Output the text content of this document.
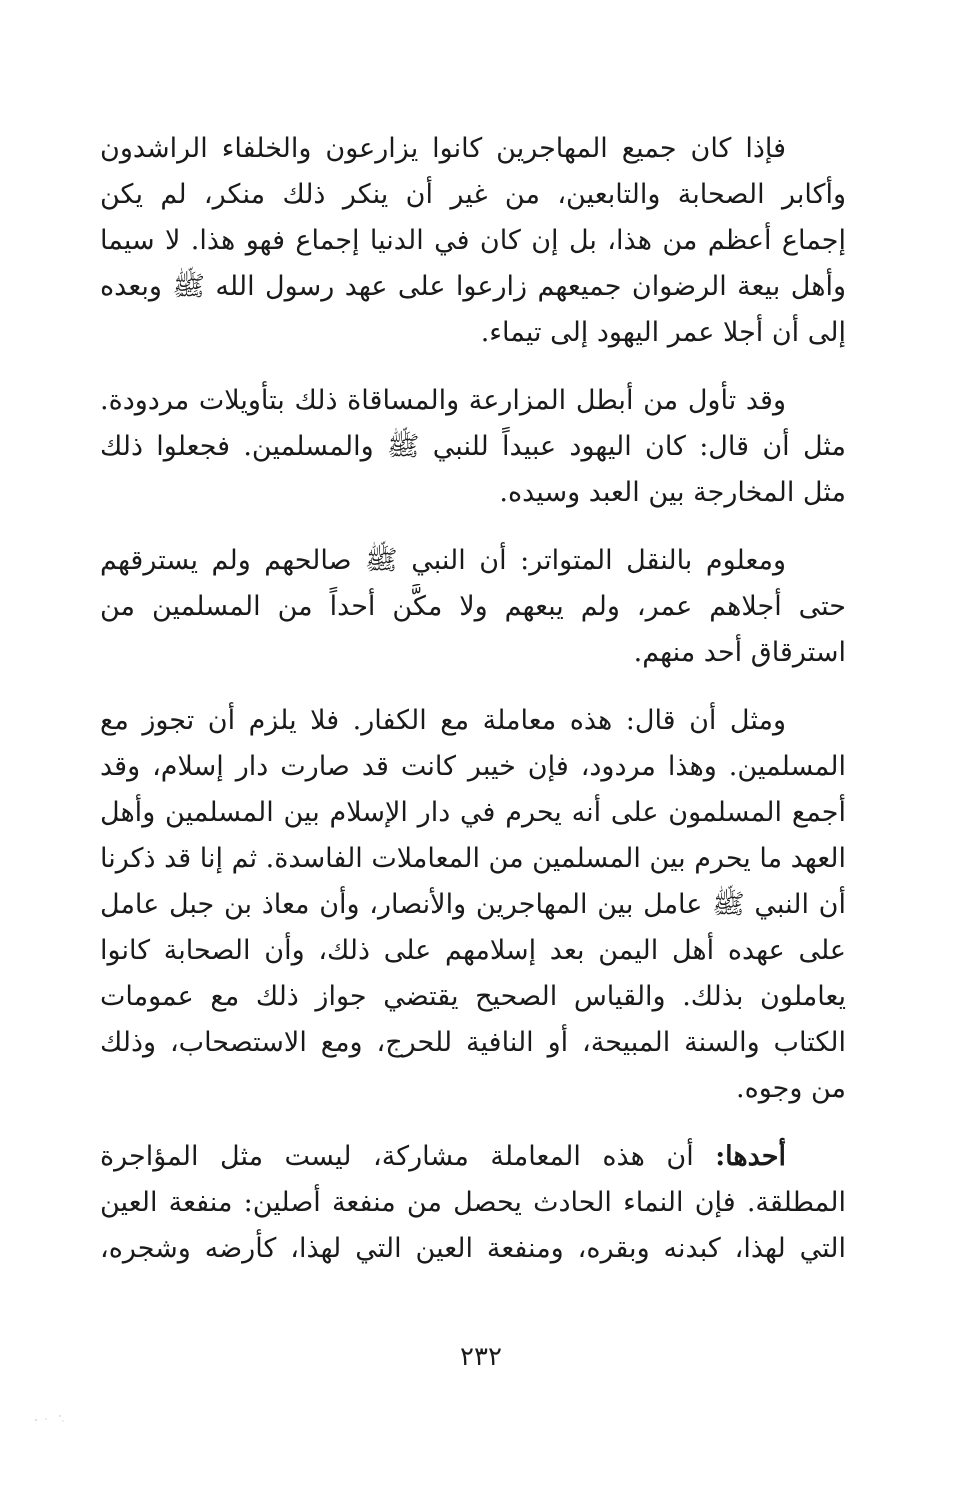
فإذا كان جميع المهاجرين كانوا يزارعون والخلفاء الراشدون
وأكابر الصحابة والتابعين، من غير أن ينكر ذلك منكر، لم يكن
إجماع أعظم من هذا، بل إن كان في الدنيا إجماع فهو هذا. لا سيما
وأهل بيعة الرضوان جميعهم زارعوا على عهد رسول الله ﷺ وبعده
إلى أن أجلا عمر اليهود إلى تيماء.
وقد تأول من أبطل المزارعة والمساقاة ذلك بتأويلات مردودة.
مثل أن قال: كان اليهود عبيداً للنبي ﷺ والمسلمين. فجعلوا ذلك
مثل المخارجة بين العبد وسيده.
ومعلوم بالنقل المتواتر: أن النبي ﷺ صالحهم ولم يسترقهم
حتى أجلاهم عمر، ولم يبعهم ولا مكَّن أحداً من المسلمين من
استرقاق أحد منهم.
ومثل أن قال: هذه معاملة مع الكفار. فلا يلزم أن تجوز مع
المسلمين. وهذا مردود، فإن خيبر كانت قد صارت دار إسلام، وقد
أجمع المسلمون على أنه يحرم في دار الإسلام بين المسلمين وأهل
العهد ما يحرم بين المسلمين من المعاملات الفاسدة. ثم إنا قد ذكرنا
أن النبي ﷺ عامل بين المهاجرين والأنصار، وأن معاذ بن جبل عامل
على عهده أهل اليمن بعد إسلامهم على ذلك، وأن الصحابة كانوا
يعاملون بذلك. والقياس الصحيح يقتضي جواز ذلك مع عمومات
الكتاب والسنة المبيحة، أو النافية للحرج، ومع الاستصحاب، وذلك
من وجوه.
أحدها: أن هذه المعاملة مشاركة، ليست مثل المؤاجرة
المطلقة. فإن النماء الحادث يحصل من منفعة أصلين: منفعة العين
التي لهذا، كبدنه وبقره، ومنفعة العين التي لهذا، كأرضه وشجره،
٢٣٢
